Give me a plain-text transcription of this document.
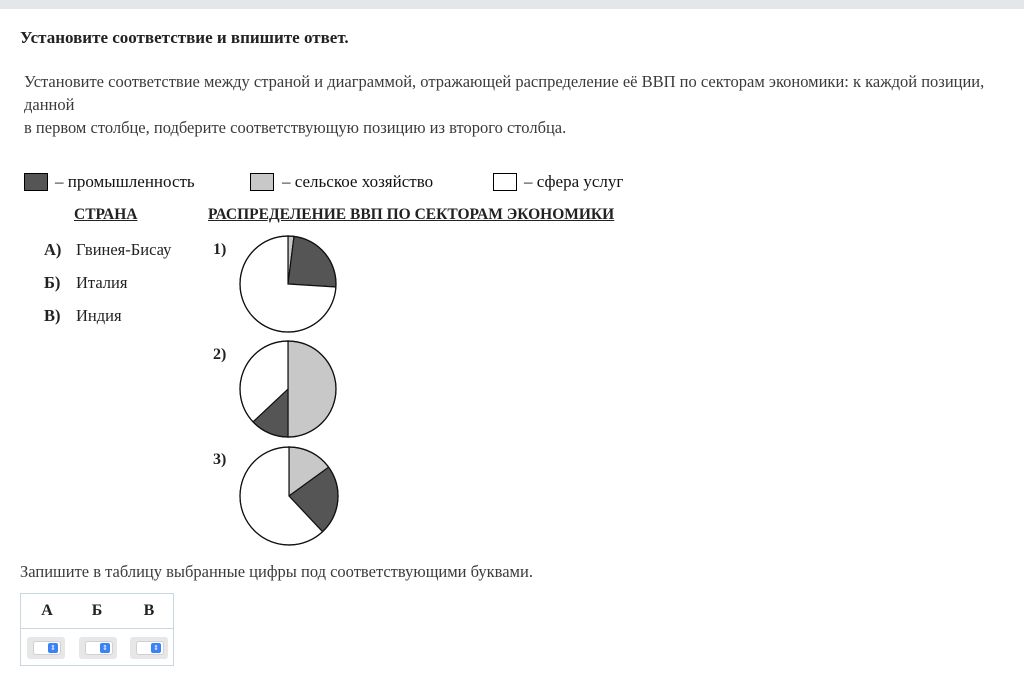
Установите соответствие и впишите ответ.

Установите соответствие между страной и диаграммой, отражающей распределение её ВВП по секторам экономики: к каждой позиции, данной

в первом столбце, подберите соответствующую позицию из второго столбца.

– промышленность	– сельское хозяйство	– сфера услуг
СТРАНА	РАСПРЕДЕЛЕНИЕ ВВП ПО СЕКТОРАМ ЭКОНОМИКИ
А) Гвинея-Бисау
Б) Италия
В) Индия
1)
2)
3)
Запишите в таблицу выбранные цифры под соответствующими буквами.
А	Б	В
⇕	⇕	⇕
